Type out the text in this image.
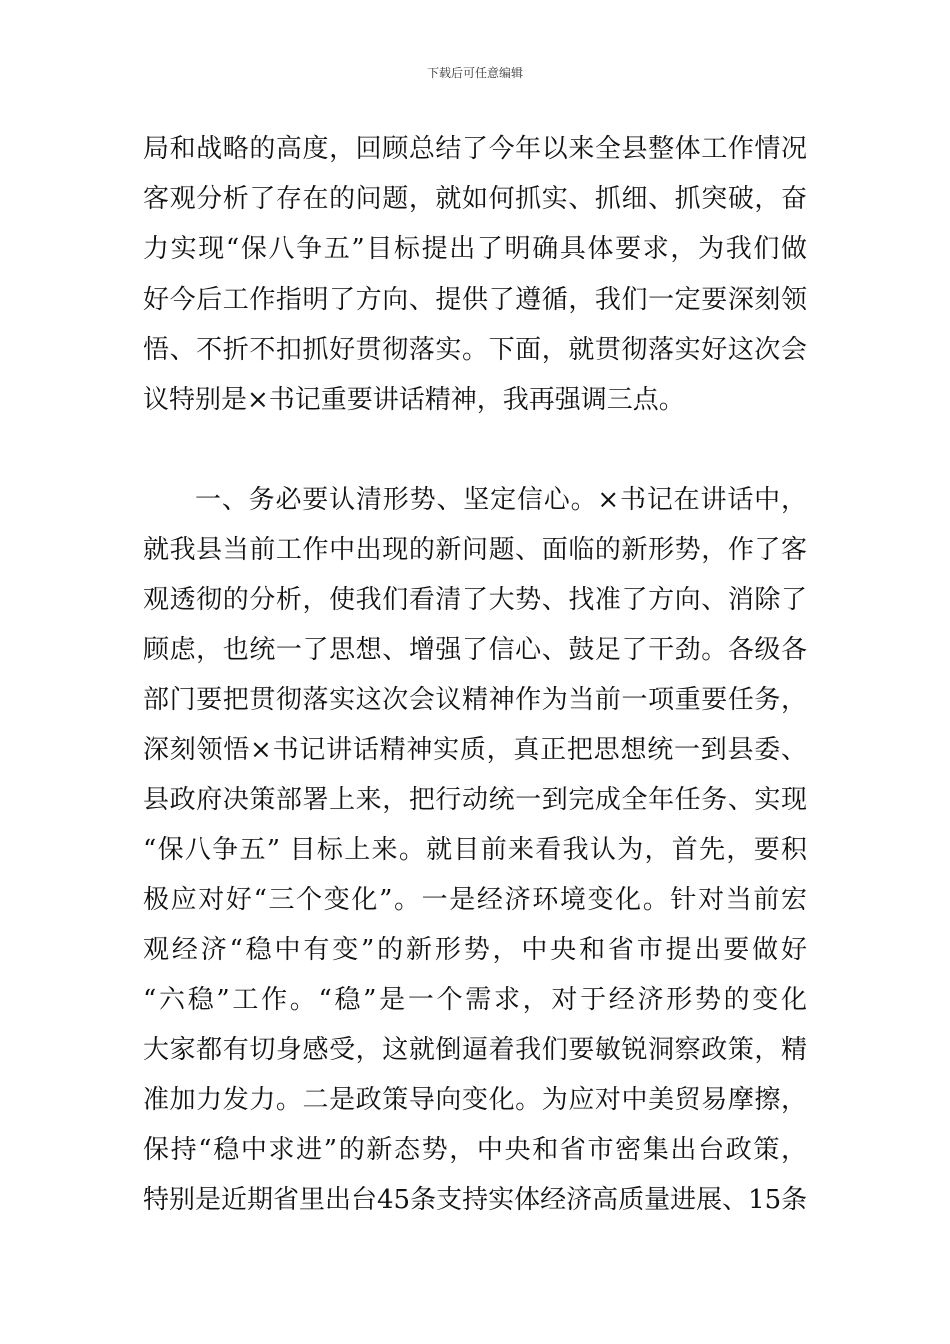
下载后可任意编辑
局和战略的高度，回顾总结了今年以来全县整体工作情况
客观分析了存在的问题，就如何抓实、抓细、抓突破，奋
力实现“保八争五”目标提出了明确具体要求，为我们做
好今后工作指明了方向、提供了遵循，我们一定要深刻领
悟、不折不扣抓好贯彻落实。下面，就贯彻落实好这次会
议特别是×书记重要讲话精神，我再强调三点。
一、务必要认清形势、坚定信心。×书记在讲话中，
就我县当前工作中出现的新问题、面临的新形势，作了客
观透彻的分析，使我们看清了大势、找准了方向、消除了
顾虑，也统一了思想、增强了信心、鼓足了干劲。各级各
部门要把贯彻落实这次会议精神作为当前一项重要任务，
深刻领悟×书记讲话精神实质，真正把思想统一到县委、
县政府决策部署上来，把行动统一到完成全年任务、实现
“保八争五” 目标上来。就目前来看我认为，首先，要积
极应对好“三个变化”。一是经济环境变化。针对当前宏
观经济“稳中有变”的新形势，中央和省市提出要做好
“六稳”工作。“稳”是一个需求，对于经济形势的变化
大家都有切身感受，这就倒逼着我们要敏锐洞察政策，精
准加力发力。二是政策导向变化。为应对中美贸易摩擦，
保持“稳中求进”的新态势，中央和省市密集出台政策，
特别是近期省里出台45条支持实体经济高质量进展、15条
